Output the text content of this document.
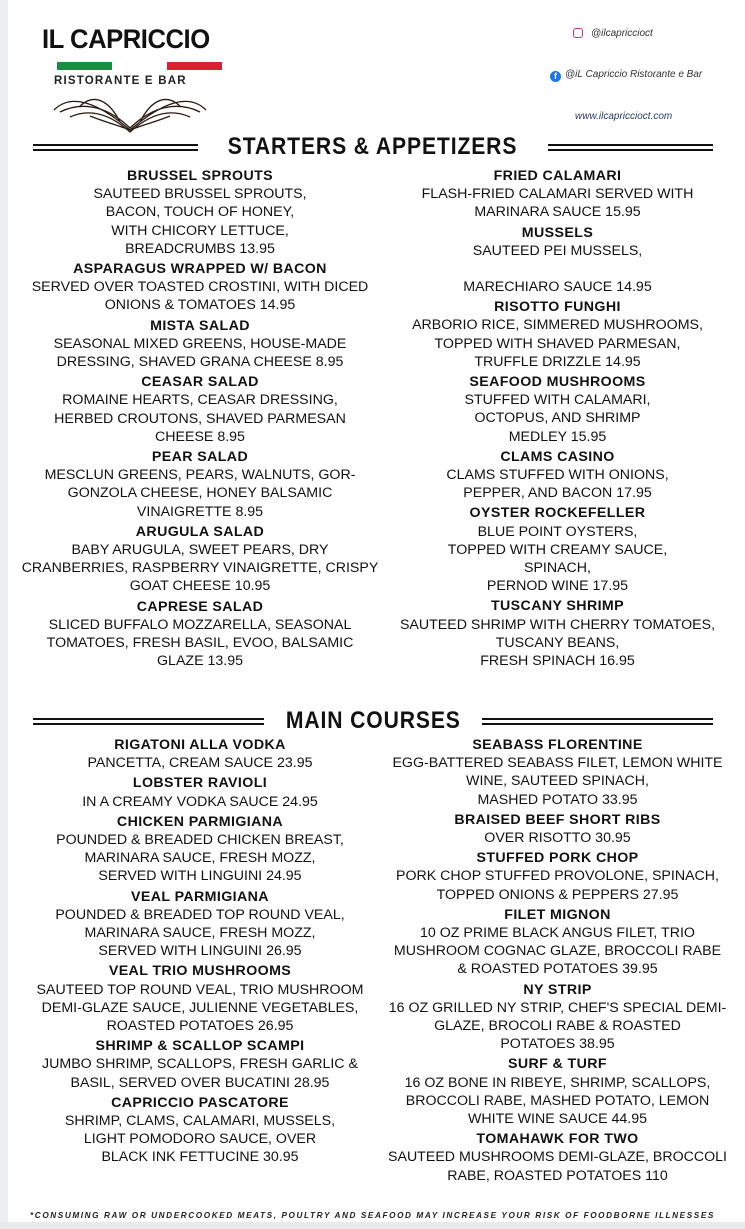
IL CAPRICCIO
RISTORANTE E BAR
@ilcapriccioct
f @iL Capriccio Ristorante e Bar
www.ilcapriccioct.com
STARTERS & APPETIZERS
BRUSSEL SPROUTS
SAUTEED BRUSSEL SPROUTS,
BACON, TOUCH OF HONEY,
WITH CHICORY LETTUCE,
BREADCRUMBS 13.95
ASPARAGUS WRAPPED W/ BACON
SERVED OVER TOASTED CROSTINI, WITH DICED
ONIONS & TOMATOES 14.95
MISTA SALAD
SEASONAL MIXED GREENS, HOUSE-MADE
DRESSING, SHAVED GRANA CHEESE 8.95
CEASAR SALAD
ROMAINE HEARTS, CEASAR DRESSING,
HERBED CROUTONS, SHAVED PARMESAN
CHEESE 8.95
PEAR SALAD
MESCLUN GREENS, PEARS, WALNUTS, GOR-
GONZOLA CHEESE, HONEY BALSAMIC
VINAIGRETTE 8.95
ARUGULA SALAD
BABY ARUGULA, SWEET PEARS, DRY
CRANBERRIES, RASPBERRY VINAIGRETTE, CRISPY
GOAT CHEESE 10.95
CAPRESE SALAD
SLICED BUFFALO MOZZARELLA, SEASONAL
TOMATOES, FRESH BASIL, EVOO, BALSAMIC
GLAZE 13.95
FRIED CALAMARI
FLASH-FRIED CALAMARI SERVED WITH
MARINARA SAUCE 15.95
MUSSELS
SAUTEED PEI MUSSELS,
MARECHIARO SAUCE 14.95
RISOTTO FUNGHI
ARBORIO RICE, SIMMERED MUSHROOMS,
TOPPED WITH SHAVED PARMESAN,
TRUFFLE DRIZZLE 14.95
SEAFOOD MUSHROOMS
STUFFED WITH CALAMARI,
OCTOPUS, AND SHRIMP
MEDLEY 15.95
CLAMS CASINO
CLAMS STUFFED WITH ONIONS,
PEPPER, AND BACON 17.95
OYSTER ROCKEFELLER
BLUE POINT OYSTERS,
TOPPED WITH CREAMY SAUCE,
SPINACH,
PERNOD WINE 17.95
TUSCANY SHRIMP
SAUTEED SHRIMP WITH CHERRY TOMATOES,
TUSCANY BEANS,
FRESH SPINACH 16.95
MAIN COURSES
RIGATONI ALLA VODKA
PANCETTA, CREAM SAUCE 23.95
LOBSTER RAVIOLI
IN A CREAMY VODKA SAUCE 24.95
CHICKEN PARMIGIANA
POUNDED & BREADED CHICKEN BREAST,
MARINARA SAUCE, FRESH MOZZ,
SERVED WITH LINGUINI 24.95
VEAL PARMIGIANA
POUNDED & BREADED TOP ROUND VEAL,
MARINARA SAUCE, FRESH MOZZ,
SERVED WITH LINGUINI 26.95
VEAL TRIO MUSHROOMS
SAUTEED TOP ROUND VEAL, TRIO MUSHROOM
DEMI-GLAZE SAUCE, JULIENNE VEGETABLES,
ROASTED POTATOES 26.95
SHRIMP & SCALLOP SCAMPI
JUMBO SHRIMP, SCALLOPS, FRESH GARLIC &
BASIL, SERVED OVER BUCATINI 28.95
CAPRICCIO PASCATORE
SHRIMP, CLAMS, CALAMARI, MUSSELS,
LIGHT POMODORO SAUCE, OVER
BLACK INK FETTUCINE 30.95
SEABASS FLORENTINE
EGG-BATTERED SEABASS FILET, LEMON WHITE
WINE, SAUTEED SPINACH,
MASHED POTATO 33.95
BRAISED BEEF SHORT RIBS
OVER RISOTTO 30.95
STUFFED PORK CHOP
PORK CHOP STUFFED PROVOLONE, SPINACH,
TOPPED ONIONS & PEPPERS 27.95
FILET MIGNON
10 OZ PRIME BLACK ANGUS FILET, TRIO
MUSHROOM COGNAC GLAZE, BROCCOLI RABE
& ROASTED POTATOES 39.95
NY STRIP
16 OZ GRILLED NY STRIP, CHEF'S SPECIAL DEMI-
GLAZE, BROCOLI RABE & ROASTED
POTATOES 38.95
SURF & TURF
16 OZ BONE IN RIBEYE, SHRIMP, SCALLOPS,
BROCCOLI RABE, MASHED POTATO, LEMON
WHITE WINE SAUCE 44.95
TOMAHAWK FOR TWO
SAUTEED MUSHROOMS DEMI-GLAZE, BROCCOLI
RABE, ROASTED POTATOES 110
*CONSUMING RAW OR UNDERCOOKED MEATS, POULTRY AND SEAFOOD MAY INCREASE YOUR RISK OF FOODBORNE ILLNESSES
